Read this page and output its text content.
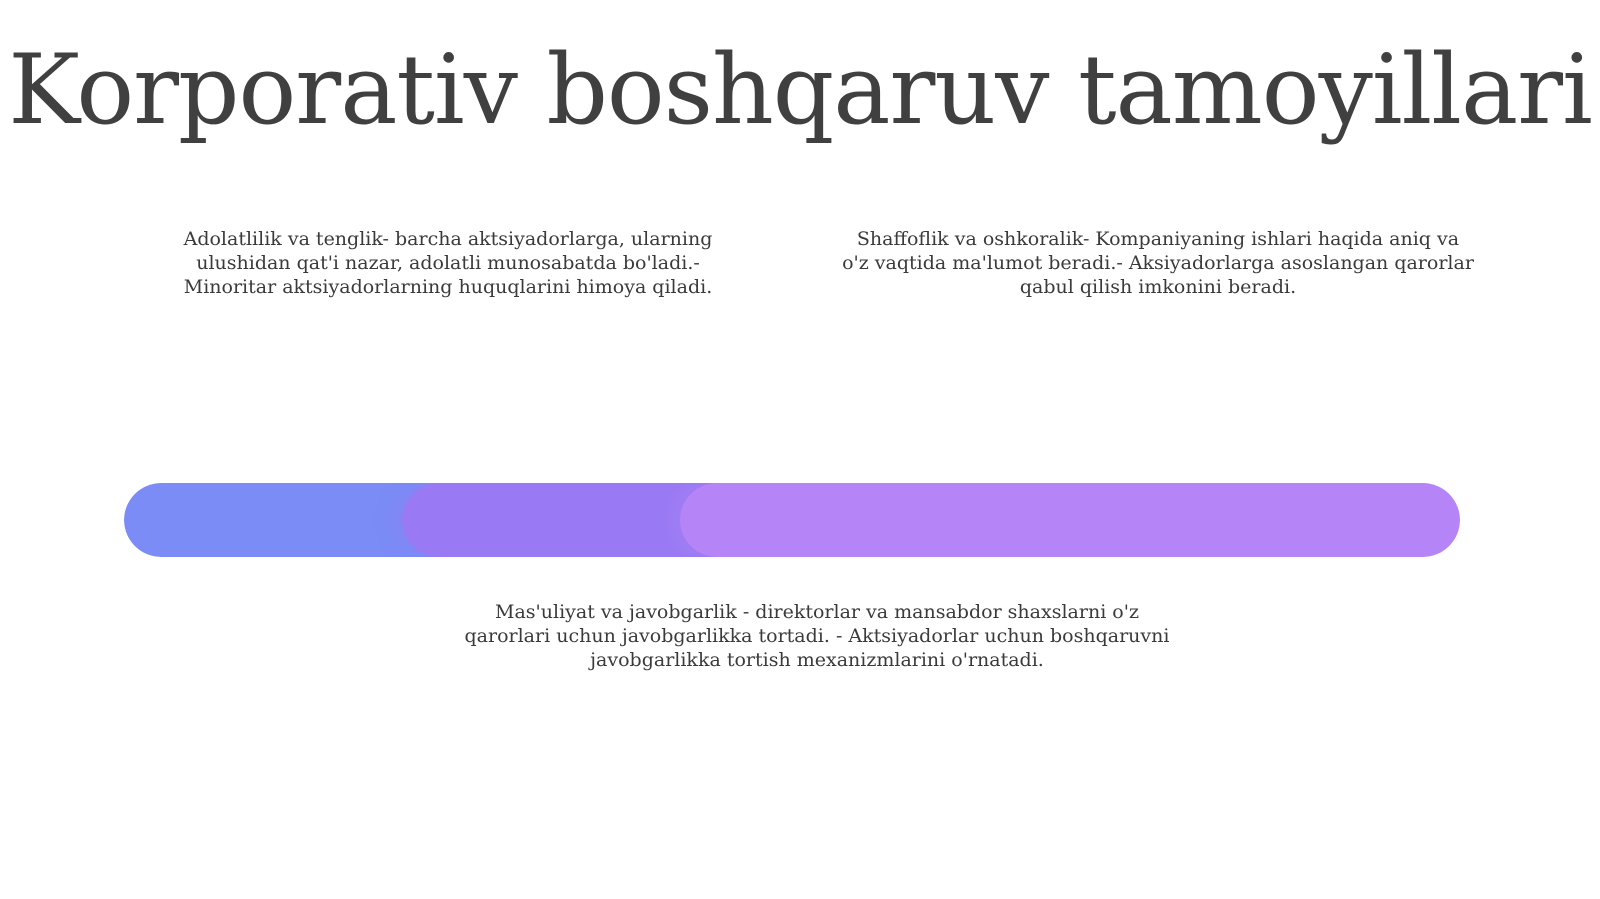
Korporativ boshqaruv tamoyillari
Adolatlilik va tenglik- barcha aktsiyadorlarga, ularning
ulushidan qat'i nazar, adolatli munosabatda bo'ladi.-
Minoritar aktsiyadorlarning huquqlarini himoya qiladi.
Shaffoflik va oshkoralik- Kompaniyaning ishlari haqida aniq va
o'z vaqtida ma'lumot beradi.- Aksiyadorlarga asoslangan qarorlar
qabul qilish imkonini beradi.
Mas'uliyat va javobgarlik - direktorlar va mansabdor shaxslarni o'z
qarorlari uchun javobgarlikka tortadi. - Aktsiyadorlar uchun boshqaruvni
javobgarlikka tortish mexanizmlarini o'rnatadi.
